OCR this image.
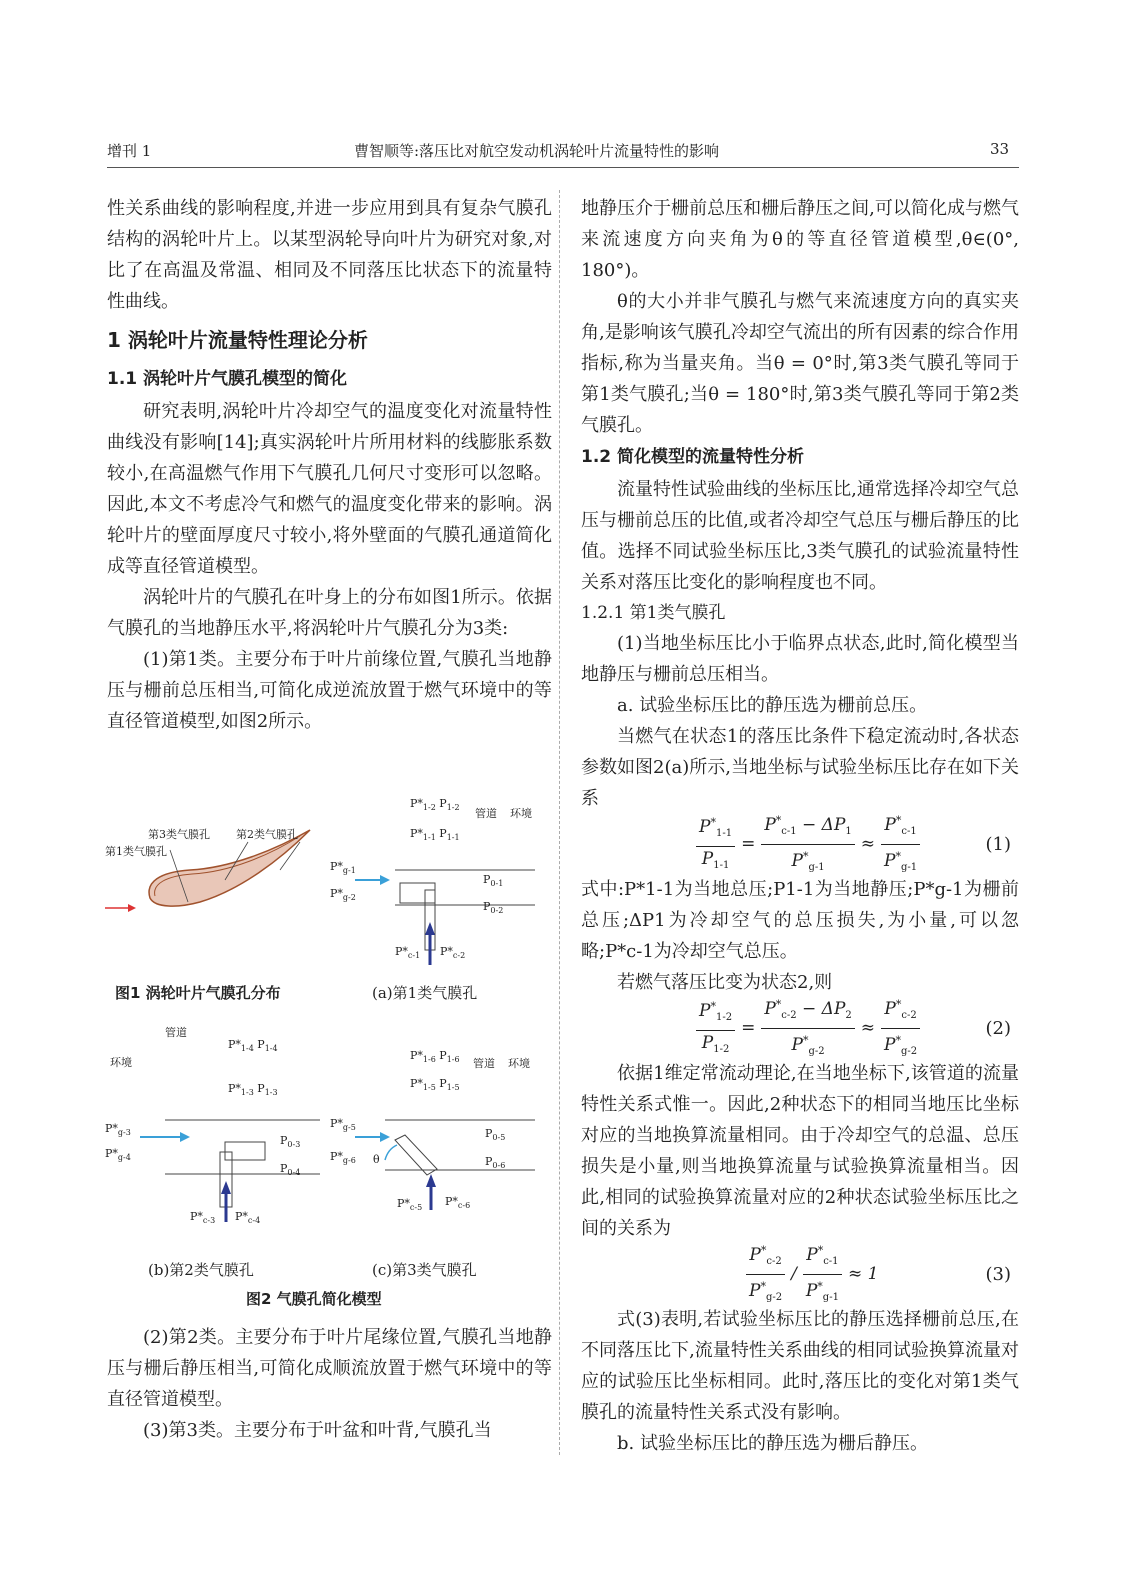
增刊 1	曹智顺等:落压比对航空发动机涡轮叶片流量特性的影响	33

性关系曲线的影响程度,并进一步应用到具有复杂气膜孔结构的涡轮叶片上。以某型涡轮导向叶片为研究对象,对比了在高温及常温、相同及不同落压比状态下的流量特性曲线。

1 涡轮叶片流量特性理论分析
1.1 涡轮叶片气膜孔模型的简化

研究表明,涡轮叶片冷却空气的温度变化对流量特性曲线没有影响[14];真实涡轮叶片所用材料的线膨胀系数较小,在高温燃气作用下气膜孔几何尺寸变形可以忽略。因此,本文不考虑冷气和燃气的温度变化带来的影响。涡轮叶片的壁面厚度尺寸较小,将外壁面的气膜孔通道简化成等直径管道模型。

涡轮叶片的气膜孔在叶身上的分布如图1所示。依据气膜孔的当地静压水平,将涡轮叶片气膜孔分为3类:

(1)第1类。主要分布于叶片前缘位置,气膜孔当地静压与栅前总压相当,可简化成逆流放置于燃气环境中的等直径管道模型,如图2所示。

第3类气膜孔 第2类气膜孔
第1类气膜孔
图1 涡轮叶片气膜孔分布
$P*_{1-2}$ $P_{1-2}$ 管道 环境
$P*_{1-1}$ $P_{1-1}$
$P*_{g-1}$
$P*_{g-2}$
$P_{0-1}$
$P_{0-2}$
$P*_{c-1}$ $P*_{c-2}$
(a)第1类气膜孔
管道
环境
$P*_{1-4}$ $P_{1-4}$
$P*_{1-3}$ $P_{1-3}$
$P*_{g-3}$
$P*_{g-4}$
$P_{0-3}$
$P_{0-4}$
$P*_{c-3}$ $P*_{c-4}$
(b)第2类气膜孔
$P*_{1-6}$ $P_{1-6}$ 管道 环境
$P*_{1-5}$ $P_{1-5}$
θ
$P*_{g-5}$
$P*_{g-6}$
$P_{0-5}$
$P_{0-6}$
$P*_{c-5}$ $P*_{c-6}$
(c)第3类气膜孔
图2 气膜孔简化模型

(2)第2类。主要分布于叶片尾缘位置,气膜孔当地静压与栅后静压相当,可简化成顺流放置于燃气环境中的等直径管道模型。

(3)第3类。主要分布于叶盆和叶背,气膜孔当

地静压介于栅前总压和栅后静压之间,可以简化成与燃气来流速度方向夹角为θ的等直径管道模型,θ∈(0°, 180°)。

θ的大小并非气膜孔与燃气来流速度方向的真实夹角,是影响该气膜孔冷却空气流出的所有因素的综合作用指标,称为当量夹角。当θ = 0°时,第3类气膜孔等同于第1类气膜孔;当θ = 180°时,第3类气膜孔等同于第2类气膜孔。

1.2 简化模型的流量特性分析

流量特性试验曲线的坐标压比,通常选择冷却空气总压与栅前总压的比值,或者冷却空气总压与栅后静压的比值。选择不同试验坐标压比,3类气膜孔的试验流量特性关系对落压比变化的影响程度也不同。

1.2.1 第1类气膜孔

(1)当地坐标压比小于临界点状态,此时,简化模型当地静压与栅前总压相当。

a. 试验坐标压比的静压选为栅前总压。

当燃气在状态1的落压比条件下稳定流动时,各状态参数如图2(a)所示,当地坐标与试验坐标压比存在如下关系

$\frac{P^*_{1-1}}{P_{1-1}} = \frac{P^*_{c-1} - \Delta P_1}{P^*_{g-1}} \approx \frac{P^*_{c-1}}{P^*_{g-1}}$	(1)

式中:P*1-1为当地总压;P1-1为当地静压;P*g-1为栅前总压;ΔP1为冷却空气的总压损失,为小量,可以忽略;P*c-1为冷却空气总压。

若燃气落压比变为状态2,则

$\frac{P^*_{1-2}}{P_{1-2}} = \frac{P^*_{c-2} - \Delta P_2}{P^*_{g-2}} \approx \frac{P^*_{c-2}}{P^*_{g-2}}$	(2)

依据1维定常流动理论,在当地坐标下,该管道的流量特性关系式惟一。因此,2种状态下的相同当地压比坐标对应的当地换算流量相同。由于冷却空气的总温、总压损失是小量,则当地换算流量与试验换算流量相当。因此,相同的试验换算流量对应的2种状态试验坐标压比之间的关系为

$\frac{P^*_{c-2}}{P^*_{g-2}} / \frac{P^*_{c-1}}{P^*_{g-1}} \approx 1$	(3)

式(3)表明,若试验坐标压比的静压选择栅前总压,在不同落压比下,流量特性关系曲线的相同试验换算流量对应的试验压比坐标相同。此时,落压比的变化对第1类气膜孔的流量特性关系式没有影响。

b. 试验坐标压比的静压选为栅后静压。
